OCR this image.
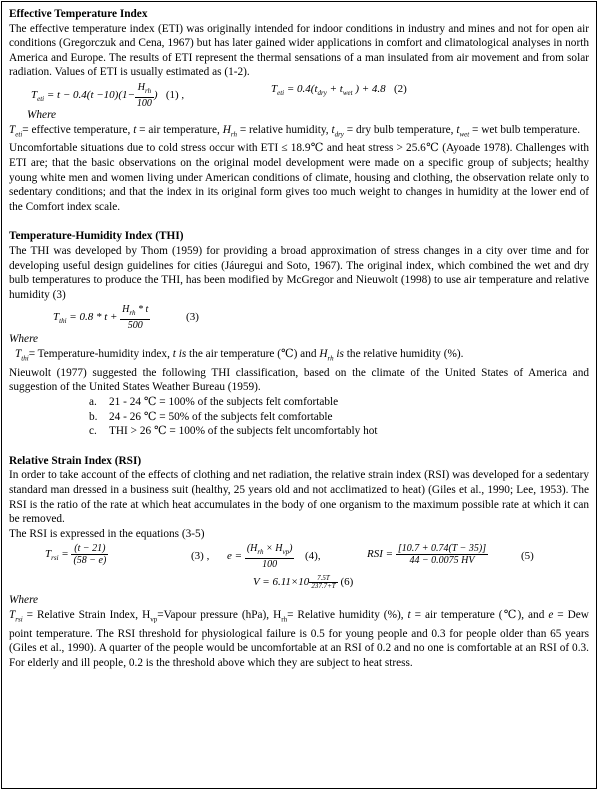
Effective Temperature Index

The effective temperature index (ETI) was originally intended for indoor conditions in industry and mines and not for open air conditions (Gregorczuk and Cena, 1967) but has later gained wider applications in comfort and climatological analyses in north America and Europe. The results of ETI represent the thermal sensations of a man insulated from air movement and from solar radiation. Values of ETI is usually estimated as (1-2).

$T_{eti} = t - 0.4(t -10)(1- \frac{H_{rh}}{100}$ ) (1) ,
$T_{eti} = 0.4(t_{dry} + t_{wet}$ ) + 4.8 (2)

Where

$T_{eti}=$ effective temperature, t = air temperature, $H_{rh}$ = relative humidity, $t_{dry}$ = dry bulb temperature, $t_{wet}$ = wet bulb temperature.

Uncomfortable situations due to cold stress occur with ETI ≤ 18.9℃ and heat stress > 25.6℃ (Ayoade 1978). Challenges with ETI are; that the basic observations on the original model development were made on a specific group of subjects; healthy young white men and women living under American conditions of climate, housing and clothing, the observation relate only to sedentary conditions; and that the index in its original form gives too much weight to changes in humidity at the lower end of the Comfort index scale.

Temperature-Humidity Index (THI)

The THI was developed by Thom (1959) for providing a broad approximation of stress changes in a city over time and for developing useful design guidelines for cities (Jáuregui and Soto, 1967). The original index, which combined the wet and dry bulb temperatures to produce the THI, has been modified by McGregor and Nieuwolt (1998) to use air temperature and relative humidity (3)

$T_{thi} = 0.8 * t + \frac{H_{rh} * t}{500}$	(3)

Where

$T_{thi}=$ Temperature-humidity index, t is the air temperature (℃) and $H_{rh}$ is the relative humidity (%).

Nieuwolt (1977) suggested the following THI classification, based on the climate of the United States of America and suggestion of the United States Weather Bureau (1959).

a.	21 - 24 ℃ = 100% of the subjects felt comfortable
b.	24 - 26 ℃ = 50% of the subjects felt comfortable
c.	THI > 26 ℃ = 100% of the subjects felt uncomfortably hot

Relative Strain Index (RSI)

In order to take account of the effects of clothing and net radiation, the relative strain index (RSI) was developed for a sedentary standard man dressed in a business suit (healthy, 25 years old and not acclimatized to heat) (Giles et al., 1990; Lee, 1953). The RSI is the ratio of the rate at which heat accumulates in the body of one organism to the maximum possible rate at which it can be removed.

The RSI is expressed in the equations (3-5)

$T_{rsi} = \frac{(t - 21)}{(58 - e)}$	(3) , $e = \frac{(H_{rh} \times H_{vp})}{100} (4)$,	RSI = $\frac{[10.7 + 0.74(T - 35)]}{44 - 0.0075 HV}$	(5)
$V = 6.11\times 10 \frac{7.5T}{237.7+T} (6)$

Where

$T_{rsi}$ = Relative Strain Index, $H_{vp}=Vapour$ pressure (hPa), $H_{rh}=$ Relative humidity (%), t = air temperature (℃), and e = Dew point temperature. The RSI threshold for physiological failure is 0.5 for young people and 0.3 for people older than 65 years (Giles et al., 1990). A quarter of the people would be uncomfortable at an RSI of 0.2 and no one is comfortable at an RSI of 0.3. For elderly and ill people, 0.2 is the threshold above which they are subject to heat stress.
